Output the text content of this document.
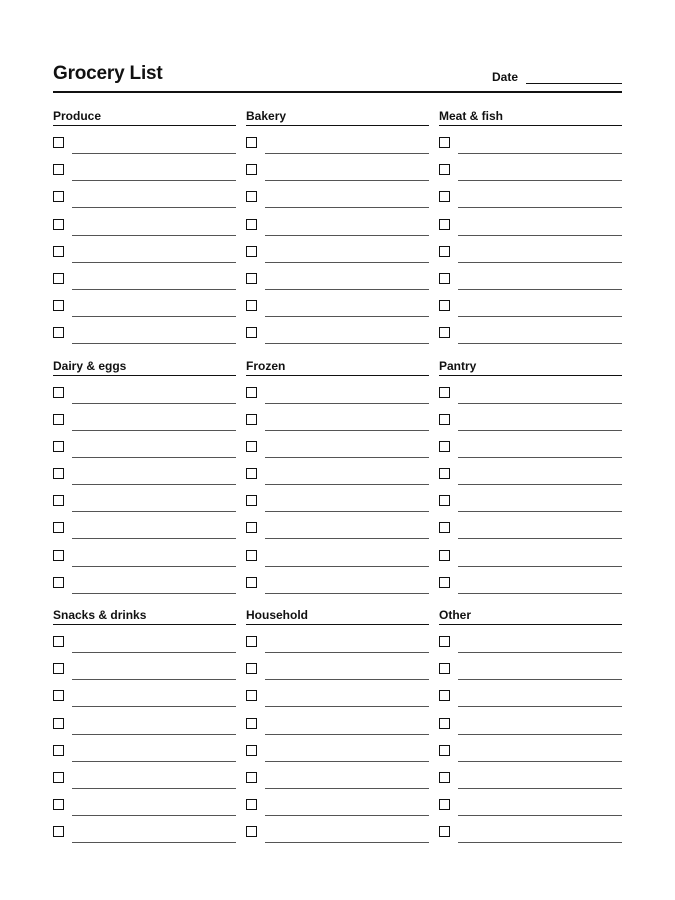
Grocery List	Date
Produce	Bakery	Meat & fish
Dairy & eggs	Frozen	Pantry
Snacks & drinks	Household	Other
